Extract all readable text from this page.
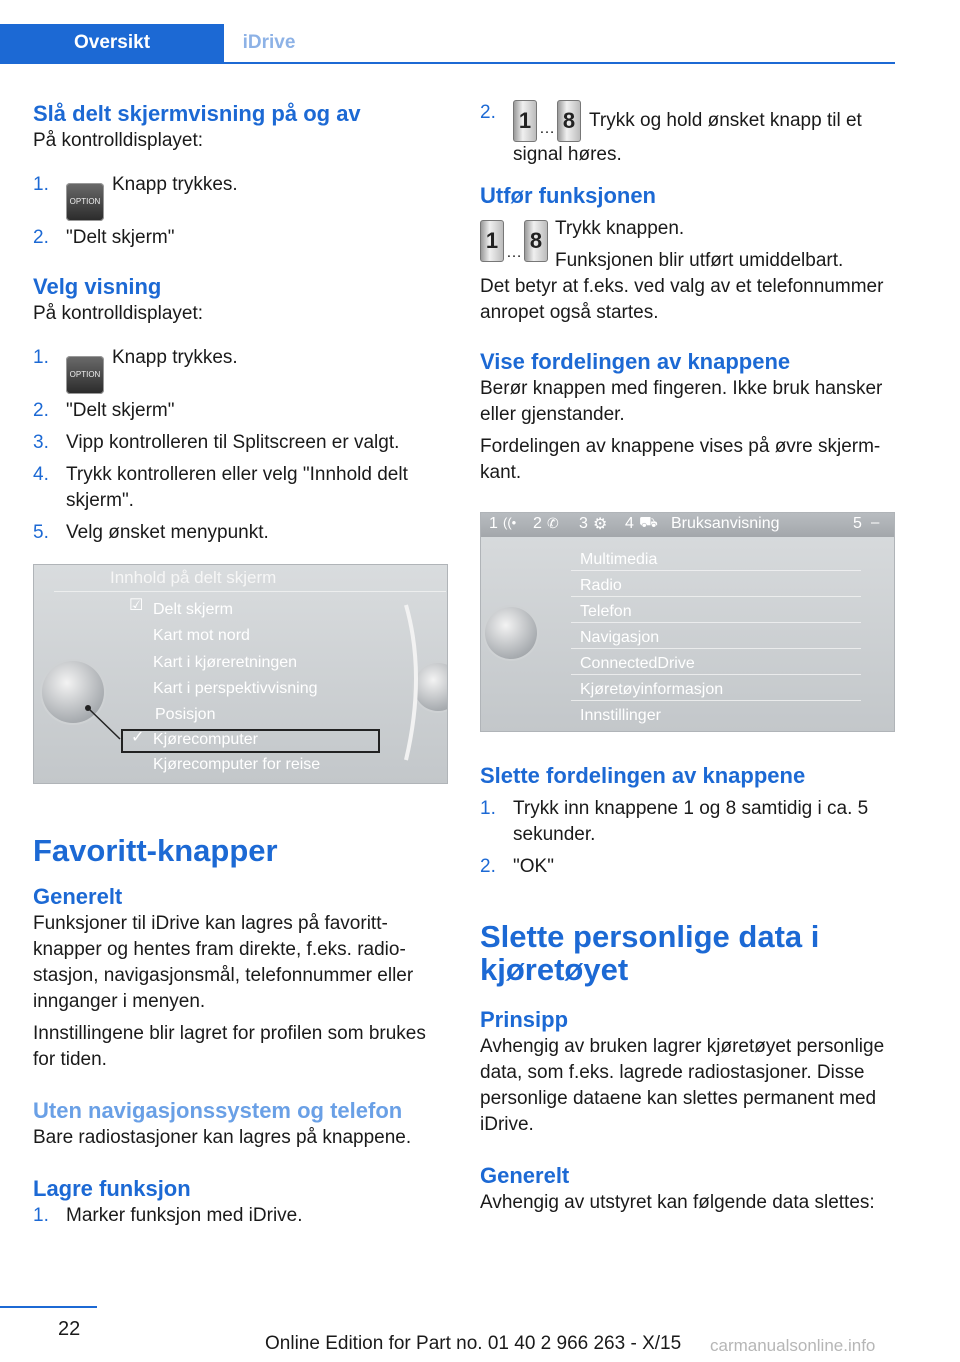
Oversikt	iDrive
Slå delt skjermvisning på og av

På kontrolldisplayet:

1.
OPTIONKnapp trykkes.
2. "Delt skjerm"
Velg visning

På kontrolldisplayet:

1.
OPTIONKnapp trykkes.
2. "Delt skjerm"
3. Vipp kontrolleren til Splitscreen er valgt.
4. Trykk kontrolleren eller velg "Innhold delt skjerm".
5. Velg ønsket menypunkt.
Innhold på delt skjerm
☑ Delt skjerm
Kart mot nord
Kart i kjøreretningen
Kart i perspektivvisning
Posisjon
✓ Kjørecomputer
Kjørecomputer for reise
Favoritt-knapper
Generelt

Funksjoner til iDrive kan lagres på favorittknapper og hentes fram direkte, f.eks. radiostasjon, navigasjonsmål, telefonnummer eller innganger i menyen.

Innstillingene blir lagret for profilen som brukes for tiden.

Uten navigasjonssystem og telefon

Bare radiostasjoner kan lagres på knappene.

Lagre funksjon
1. Marker funksjon med iDrive.
2. 1 … 8 Trykk og hold ønsket knapp til et signal høres.
Utfør funksjonen
1 … 8 Trykk knappen.

Funksjonen blir utført umiddelbart.

Det betyr at f.eks. ved valg av et telefonnummer anropet også startes.

Vise fordelingen av knappene

Berør knappen med fingeren. Ikke bruk hansker eller gjenstander.

Fordelingen av knappene vises på øvre skjermkant.

1 ((• 2 ✆ 3 ⚙ 4 ⛟ Bruksanvisning	5 –
Multimedia
Radio
Telefon
Navigasjon
ConnectedDrive
Kjøretøyinformasjon
Innstillinger
Slette fordelingen av knappene
1. Trykk inn knappene 1 og 8 samtidig i ca. 5 sekunder.
2. "OK"
Slette personlige data i kjøretøyet
Prinsipp

Avhengig av bruken lagrer kjøretøyet personlige data, som f.eks. lagrede radiostasjoner. Disse personlige dataene kan slettes permanent med iDrive.

Generelt

Avhengig av utstyret kan følgende data slettes:

22
Online Edition for Part no. 01 40 2 966 263 - X/15 carmanualsonline.info
